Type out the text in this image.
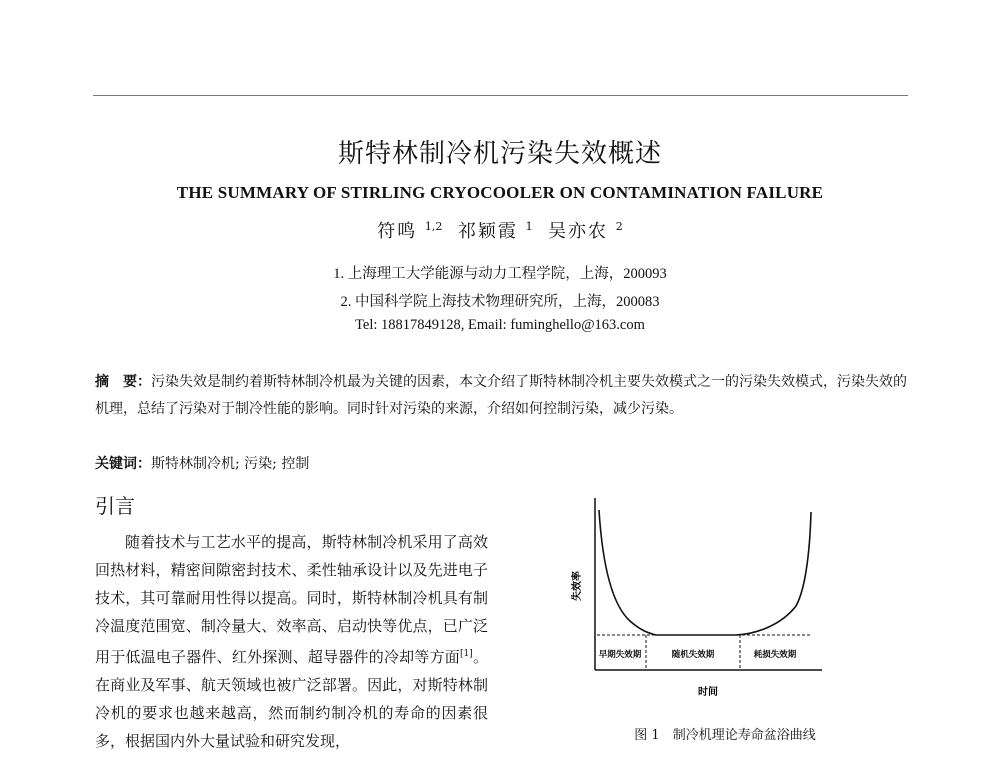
斯特林制冷机污染失效概述
THE SUMMARY OF STIRLING CRYOCOOLER ON CONTAMINATION FAILURE
符鸣 $^{1,2}$ 祁颖霞 $^1$ 吴亦农 $^2$
1. 上海理工大学能源与动力工程学院，上海，200093
2. 中国科学院上海技术物理研究所，上海，200083
Tel: 18817849128, Email: fuminghello@163.com
摘　要：污染失效是制约着斯特林制冷机最为关键的因素，本文介绍了斯特林制冷机主要失效模式之一的污染失效模式，污染失效的机理，总结了污染对于制冷性能的影响。同时针对污染的来源，介绍如何控制污染，减少污染。
关键词：斯特林制冷机; 污染; 控制
引言
随着技术与工艺水平的提高，斯特林制冷机采用了高效回热材料，精密间隙密封技术、柔性轴承设计以及先进电子技术，其可靠耐用性得以提高。同时，斯特林制冷机具有制冷温度范围宽、制冷量大、效率高、启动快等优点，已广泛用于低温电子器件、红外探测、超导器件的冷却等方面[1]。在商业及军事、航天领域也被广泛部署。因此，对斯特林制冷机的要求也越来越高，然而制约制冷机的寿命的因素很多，根据国内外大量试验和研究发现，
早期失效期	随机失效期	耗损失效期
失效率
时间
图 1　制冷机理论寿命盆浴曲线
